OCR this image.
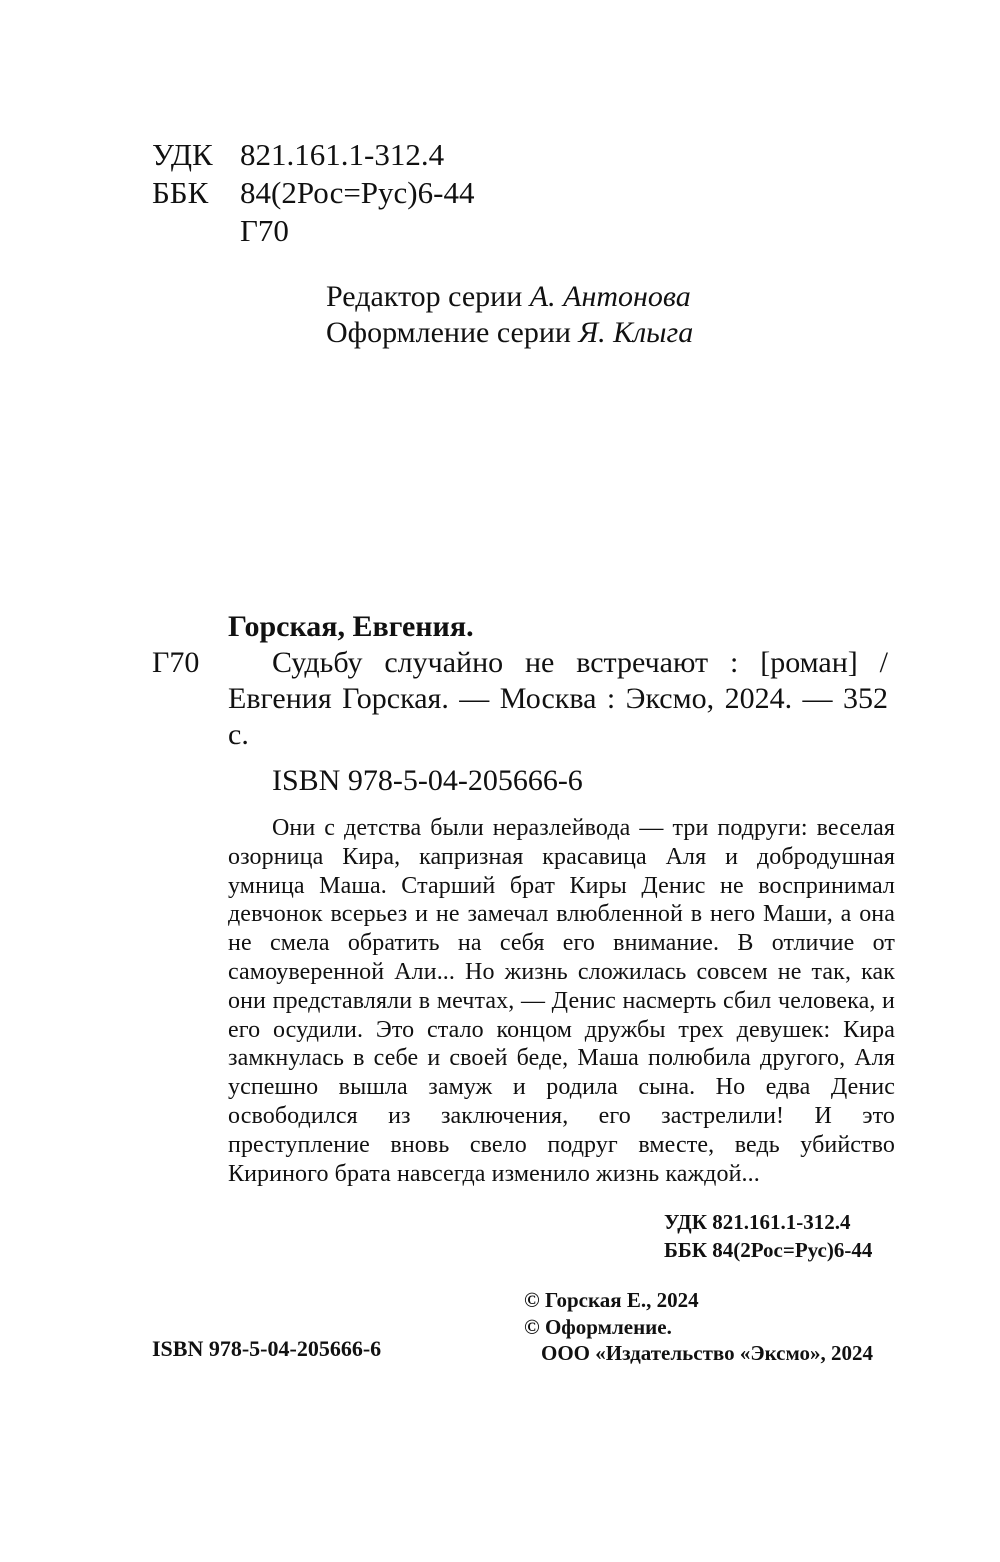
УДК 821.161.1-312.4
ББК 84(2Рос=Рус)6-44
Г70
Редактор серии А. Антонова
Оформление серии Я. Клыга
Горская, Евгения.
Г70	Судьбу случайно не встречают : [роман] / Евгения Горская. — Москва : Эксмо, 2024. — 352 с.
ISBN 978-5-04-205666-6
Они с детства были неразлейвода — три подруги: веселая озорница Кира, капризная красавица Аля и добродушная умница Маша. Старший брат Киры Денис не воспринимал девчонок всерьез и не замечал влюбленной в него Маши, а она не смела обратить на себя его внимание. В отличие от самоуверенной Али... Но жизнь сложилась совсем не так, как они представляли в мечтах, — Денис насмерть сбил человека, и его осудили. Это стало концом дружбы трех девушек: Кира замкнулась в себе и своей беде, Маша полюбила другого, Аля успешно вышла замуж и родила сына. Но едва Денис освободился из заключения, его застрелили! И это преступление вновь свело подруг вместе, ведь убийство Кириного брата навсегда изменило жизнь каждой...
УДК 821.161.1-312.4
ББК 84(2Рос=Рус)6-44
© Горская Е., 2024
© Оформление.
ООО «Издательство «Эксмо», 2024
ISBN 978-5-04-205666-6
